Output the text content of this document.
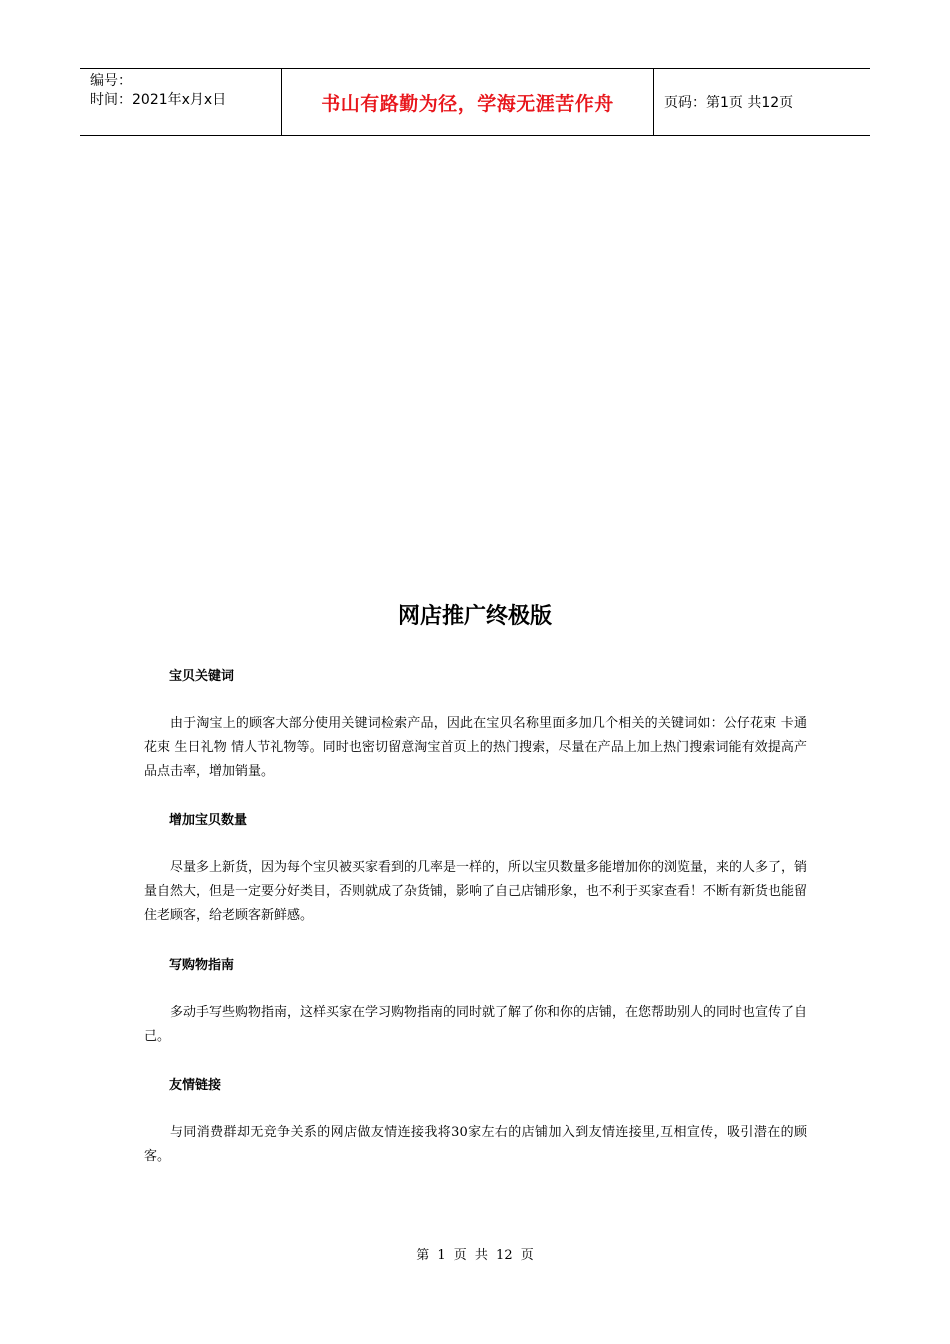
编号：
时间：2021年x月x日	书山有路勤为径，学海无涯苦作舟	页码：第1页 共12页
网店推广终极版
宝贝关键词

由于淘宝上的顾客大部分使用关键词检索产品，因此在宝贝名称里面多加几个相关的关键词如：公仔花束 卡通花束 生日礼物 情人节礼物等。同时也密切留意淘宝首页上的热门搜索，尽量在产品上加上热门搜索词能有效提高产品点击率，增加销量。

增加宝贝数量

尽量多上新货，因为每个宝贝被买家看到的几率是一样的，所以宝贝数量多能增加你的浏览量，来的人多了，销量自然大，但是一定要分好类目，否则就成了杂货铺，影响了自己店铺形象，也不利于买家查看！不断有新货也能留住老顾客，给老顾客新鲜感。

写购物指南

多动手写些购物指南，这样买家在学习购物指南的同时就了解了你和你的店铺，在您帮助别人的同时也宣传了自己。

友情链接

与同消费群却无竞争关系的网店做友情连接我将30家左右的店铺加入到友情连接里,互相宣传，吸引潜在的顾客。

第 1 页 共 12 页
